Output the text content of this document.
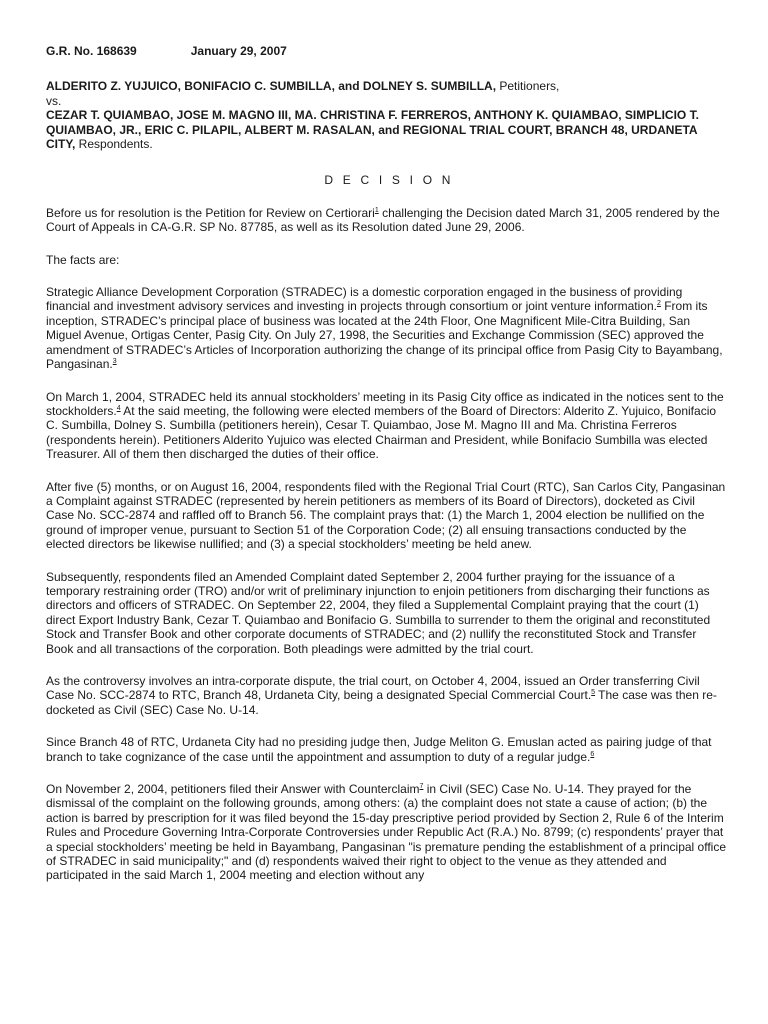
G.R. No. 168639	January 29, 2007
ALDERITO Z. YUJUICO, BONIFACIO C. SUMBILLA, and DOLNEY S. SUMBILLA, Petitioners,
vs.
CEZAR T. QUIAMBAO, JOSE M. MAGNO III, MA. CHRISTINA F. FERREROS, ANTHONY K. QUIAMBAO, SIMPLICIO T. QUIAMBAO, JR., ERIC C. PILAPIL, ALBERT M. RASALAN, and REGIONAL TRIAL COURT, BRANCH 48, URDANETA CITY, Respondents.
D E C I S I O N

Before us for resolution is the Petition for Review on Certiorari$^1$ challenging the Decision dated March 31, 2005 rendered by the Court of Appeals in CA-G.R. SP No. 87785, as well as its Resolution dated June 29, 2006.

The facts are:

Strategic Alliance Development Corporation (STRADEC) is a domestic corporation engaged in the business of providing financial and investment advisory services and investing in projects through consortium or joint venture information.$^2$ From its inception, STRADEC’s principal place of business was located at the 24th Floor, One Magnificent Mile-Citra Building, San Miguel Avenue, Ortigas Center, Pasig City. On July 27, 1998, the Securities and Exchange Commission (SEC) approved the amendment of STRADEC’s Articles of Incorporation authorizing the change of its principal office from Pasig City to Bayambang, Pangasinan.$^3$

On March 1, 2004, STRADEC held its annual stockholders’ meeting in its Pasig City office as indicated in the notices sent to the stockholders.$^4$ At the said meeting, the following were elected members of the Board of Directors: Alderito Z. Yujuico, Bonifacio C. Sumbilla, Dolney S. Sumbilla (petitioners herein), Cesar T. Quiambao, Jose M. Magno III and Ma. Christina Ferreros (respondents herein). Petitioners Alderito Yujuico was elected Chairman and President, while Bonifacio Sumbilla was elected Treasurer. All of them then discharged the duties of their office.

After five (5) months, or on August 16, 2004, respondents filed with the Regional Trial Court (RTC), San Carlos City, Pangasinan a Complaint against STRADEC (represented by herein petitioners as members of its Board of Directors), docketed as Civil Case No. SCC-2874 and raffled off to Branch 56. The complaint prays that: (1) the March 1, 2004 election be nullified on the ground of improper venue, pursuant to Section 51 of the Corporation Code; (2) all ensuing transactions conducted by the elected directors be likewise nullified; and (3) a special stockholders’ meeting be held anew.

Subsequently, respondents filed an Amended Complaint dated September 2, 2004 further praying for the issuance of a temporary restraining order (TRO) and/or writ of preliminary injunction to enjoin petitioners from discharging their functions as directors and officers of STRADEC. On September 22, 2004, they filed a Supplemental Complaint praying that the court (1) direct Export Industry Bank, Cezar T. Quiambao and Bonifacio G. Sumbilla to surrender to them the original and reconstituted Stock and Transfer Book and other corporate documents of STRADEC; and (2) nullify the reconstituted Stock and Transfer Book and all transactions of the corporation. Both pleadings were admitted by the trial court.

As the controversy involves an intra-corporate dispute, the trial court, on October 4, 2004, issued an Order transferring Civil Case No. SCC-2874 to RTC, Branch 48, Urdaneta City, being a designated Special Commercial Court.$^5$ The case was then re-docketed as Civil (SEC) Case No. U-14.

Since Branch 48 of RTC, Urdaneta City had no presiding judge then, Judge Meliton G. Emuslan acted as pairing judge of that branch to take cognizance of the case until the appointment and assumption to duty of a regular judge.$^6$

On November 2, 2004, petitioners filed their Answer with Counterclaim$^7$ in Civil (SEC) Case No. U-14. They prayed for the dismissal of the complaint on the following grounds, among others: (a) the complaint does not state a cause of action; (b) the action is barred by prescription for it was filed beyond the 15-day prescriptive period provided by Section 2, Rule 6 of the Interim Rules and Procedure Governing Intra-Corporate Controversies under Republic Act (R.A.) No. 8799; (c) respondents’ prayer that a special stockholders’ meeting be held in Bayambang, Pangasinan "is premature pending the establishment of a principal office of STRADEC in said municipality;" and (d) respondents waived their right to object to the venue as they attended and participated in the said March 1, 2004 meeting and election without any
